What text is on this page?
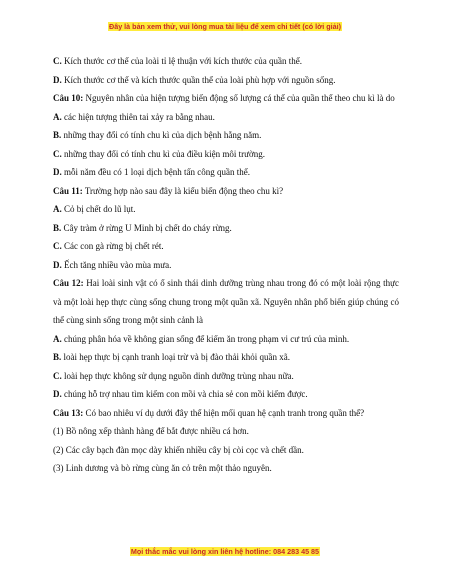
Đây là bản xem thử, vui lòng mua tài liệu để xem chi tiết (có lời giải)
C. Kích thước cơ thể của loài tỉ lệ thuận với kích thước của quần thể.
D. Kích thước cơ thể và kích thước quần thể của loài phù hợp với nguồn sống.
Câu 10: Nguyên nhân của hiện tượng biến động số lượng cá thể của quần thể theo chu kì là do
A. các hiện tượng thiên tai xảy ra bằng nhau.
B. những thay đổi có tính chu kì của dịch bệnh hằng năm.
C. những thay đổi có tính chu kì của điều kiện môi trường.
D. mỗi năm đều có 1 loại dịch bệnh tấn công quần thể.
Câu 11: Trường hợp nào sau đây là kiểu biến động theo chu kì?
A. Cỏ bị chết do lũ lụt.
B. Cây tràm ở rừng U Minh bị chết do cháy rừng.
C. Các con gà rừng bị chết rét.
D. Ếch tăng nhiều vào mùa mưa.
Câu 12: Hai loài sinh vật có ổ sinh thái dinh dưỡng trùng nhau trong đó có một loài rộng thực và một loài hẹp thực cùng sống chung trong một quần xã. Nguyên nhân phổ biến giúp chúng có thể cùng sinh sống trong một sinh cảnh là
A. chúng phân hóa về không gian sống để kiếm ăn trong phạm vi cư trú của mình.
B. loài hẹp thực bị cạnh tranh loại trừ và bị đào thải khỏi quần xã.
C. loài hẹp thực không sử dụng nguồn dinh dưỡng trùng nhau nữa.
D. chúng hỗ trợ nhau tìm kiếm con mồi và chia sẻ con mồi kiếm được.
Câu 13: Có bao nhiêu ví dụ dưới đây thể hiện mối quan hệ cạnh tranh trong quần thể?
(1) Bồ nông xếp thành hàng để bắt được nhiều cá hơn.
(2) Các cây bạch đàn mọc dày khiến nhiều cây bị còi cọc và chết dần.
(3) Linh dương và bò rừng cùng ăn cỏ trên một thảo nguyên.
Mọi thắc mắc vui lòng xin liên hệ hotline: 084 283 45 85
